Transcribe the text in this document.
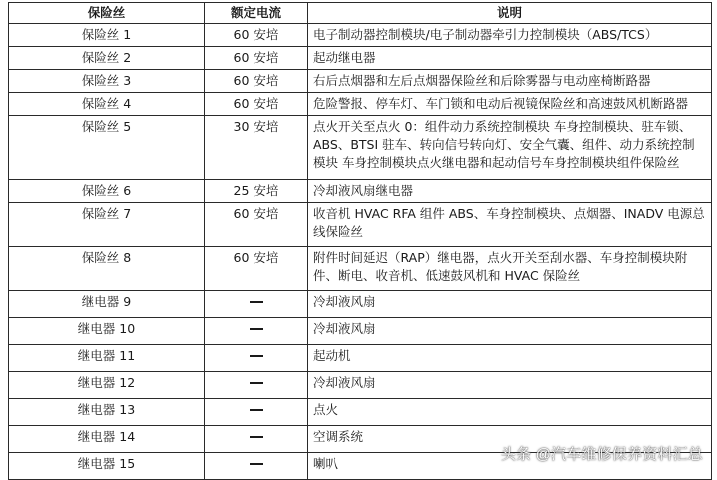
保险丝	额定电流	说明
保险丝 1	60 安培	电子制动器控制模块/电子制动器牵引力控制模块（ABS/TCS）
保险丝 2	60 安培	起动继电器
保险丝 3	60 安培	右后点烟器和左后点烟器保险丝和后除雾器与电动座椅断路器
保险丝 4	60 安培	危险警报、停车灯、车门锁和电动后视镜保险丝和高速鼓风机断路器
保险丝 5	30 安培	点火开关至点火 0：组件动力系统控制模块 车身控制模块、驻车锁、ABS、BTSI 驻车、转向信号转向灯、安全气囊、组件、动力系统控制模块 车身控制模块点火继电器和起动信号车身控制模块组件保险丝
保险丝 6	25 安培	冷却液风扇继电器
保险丝 7	60 安培	收音机 HVAC RFA 组件 ABS、车身控制模块、点烟器、INADV 电源总线保险丝
保险丝 8	60 安培	附件时间延迟（RAP）继电器，点火开关至刮水器、车身控制模块附件、断电、收音机、低速鼓风机和 HVAC 保险丝
继电器 9		冷却液风扇
继电器 10		冷却液风扇
继电器 11		起动机
继电器 12		冷却液风扇
继电器 13		点火
继电器 14		空调系统
继电器 15		喇叭
头条 @汽车维修保养资料汇总
